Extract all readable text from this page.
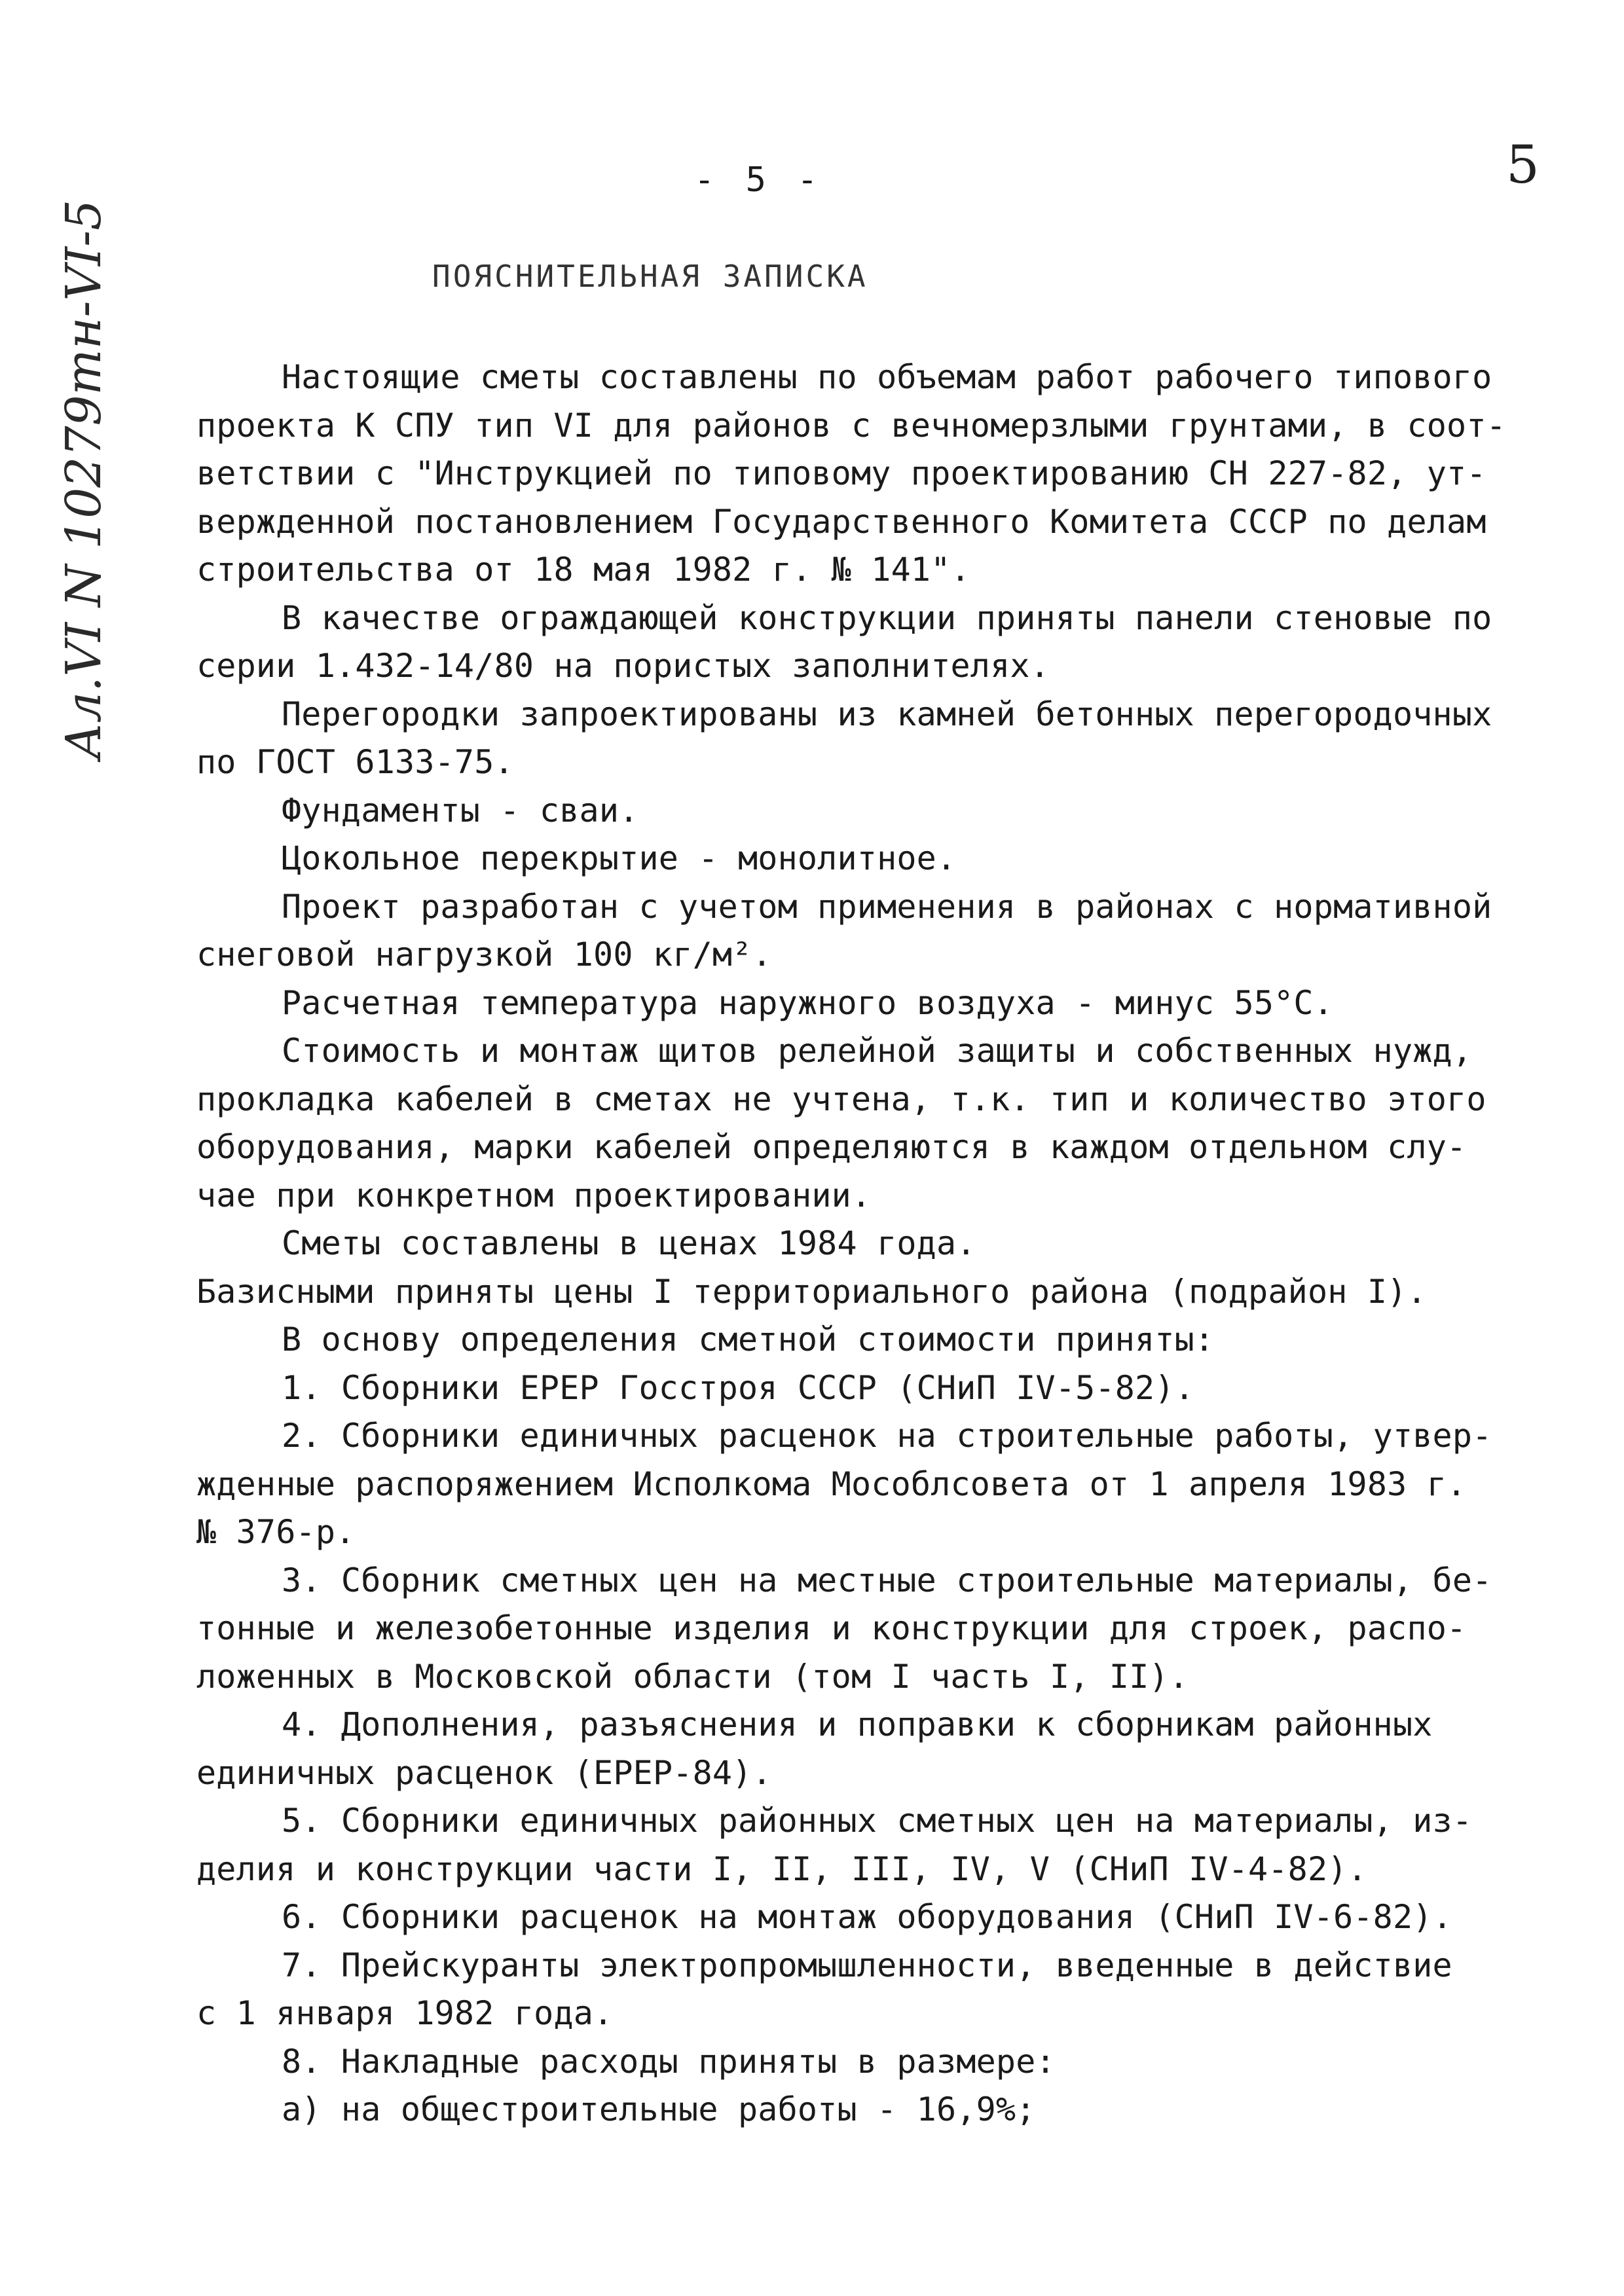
5
- 5 -
Ал.VI N 10279тн-VI-5	ПОЯСНИТЕЛЬНАЯ ЗАПИСКА
Настоящие сметы составлены по объемам работ рабочего типового
проекта К СПУ тип VI для районов с вечномерзлыми грунтами, в соот-
ветствии с "Инструкцией по типовому проектированию СН 227-82, ут-
вержденной постановлением Государственного Комитета СССР по делам
строительства от 18 мая 1982 г. № 141".
В качестве ограждающей конструкции приняты панели стеновые по
серии 1.432-14/80 на пористых заполнителях.
Перегородки запроектированы из камней бетонных перегородочных
по ГОСТ 6133-75.
Фундаменты - сваи.
Цокольное перекрытие - монолитное.
Проект разработан с учетом применения в районах с нормативной
снеговой нагрузкой 100 кг/м².
Расчетная температура наружного воздуха - минус 55°С.
Стоимость и монтаж щитов релейной защиты и собственных нужд,
прокладка кабелей в сметах не учтена, т.к. тип и количество этого
оборудования, марки кабелей определяются в каждом отдельном слу-
чае при конкретном проектировании.
Сметы составлены в ценах 1984 года.
Базисными приняты цены I территориального района (подрайон I).
В основу определения сметной стоимости приняты:
1. Сборники ЕРЕР Госстроя СССР (СНиП IV-5-82).
2. Сборники единичных расценок на строительные работы, утвер-
жденные распоряжением Исполкома Мособлсовета от 1 апреля 1983 г.
№ 376-р.
3. Сборник сметных цен на местные строительные материалы, бе-
тонные и железобетонные изделия и конструкции для строек, распо-
ложенных в Московской области (том I часть I, II).
4. Дополнения, разъяснения и поправки к сборникам районных
единичных расценок (ЕРЕР-84).
5. Сборники единичных районных сметных цен на материалы, из-
делия и конструкции части I, II, III, IV, V (СНиП IV-4-82).
6. Сборники расценок на монтаж оборудования (СНиП IV-6-82).
7. Прейскуранты электропромышленности, введенные в действие
с 1 января 1982 года.
8. Накладные расходы приняты в размере:
а) на общестроительные работы - 16,9%;
